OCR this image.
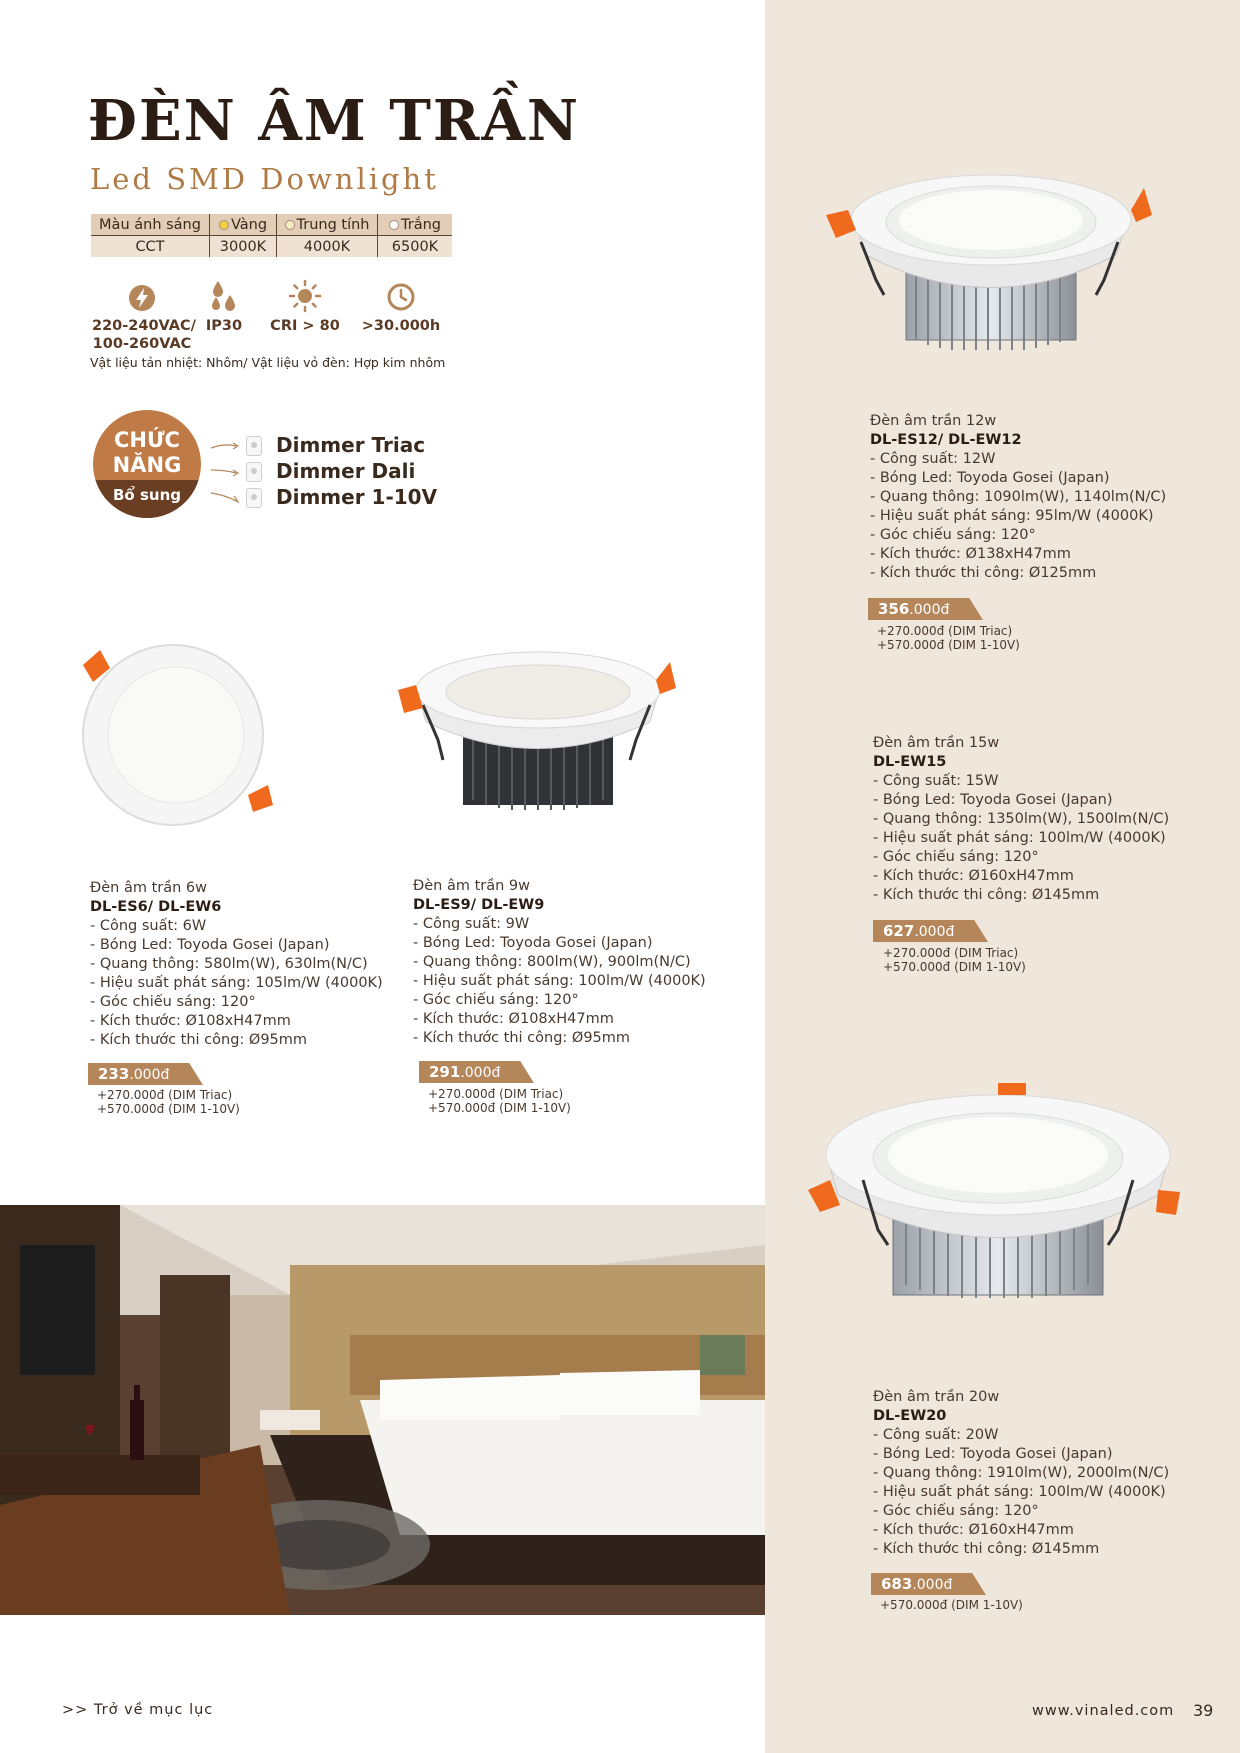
ĐÈN ÂM TRẦN
Led SMD Downlight
Màu ánh sáng	Vàng	Trung tính	Trắng
CCT	3000K	4000K	6500K
220-240VAC/
100-260VAC
IP30	CRI > 80 >30.000h
Vật liệu tản nhiệt: Nhôm/ Vật liệu vỏ đèn: Hợp kim nhôm
CHỨC
NĂNG
Bổ sung
Dimmer Triac
Dimmer Dali
Dimmer 1-10V
Đèn âm trần 12w
DL-ES12/ DL-EW12
- Công suất: 12W
- Bóng Led: Toyoda Gosei (Japan)
- Quang thông: 1090lm(W), 1140lm(N/C)
- Hiệu suất phát sáng: 95lm/W (4000K)
- Góc chiếu sáng: 120°
- Kích thước: Ø138xH47mm
- Kích thước thi công: Ø125mm
356.000đ
+270.000đ (DIM Triac)
+570.000đ (DIM 1-10V)
Đèn âm trần 15w
DL-EW15
- Công suất: 15W
- Bóng Led: Toyoda Gosei (Japan)
- Quang thông: 1350lm(W), 1500lm(N/C)
- Hiệu suất phát sáng: 100lm/W (4000K)
- Góc chiếu sáng: 120°
- Kích thước: Ø160xH47mm
- Kích thước thi công: Ø145mm
627.000đ
+270.000đ (DIM Triac)
+570.000đ (DIM 1-10V)
Đèn âm trần 6w
DL-ES6/ DL-EW6
- Công suất: 6W
- Bóng Led: Toyoda Gosei (Japan)
- Quang thông: 580lm(W), 630lm(N/C)
- Hiệu suất phát sáng: 105lm/W (4000K)
- Góc chiếu sáng: 120°
- Kích thước: Ø108xH47mm
- Kích thước thi công: Ø95mm
233.000đ
+270.000đ (DIM Triac)
+570.000đ (DIM 1-10V)
Đèn âm trần 9w
DL-ES9/ DL-EW9
- Công suất: 9W
- Bóng Led: Toyoda Gosei (Japan)
- Quang thông: 800lm(W), 900lm(N/C)
- Hiệu suất phát sáng: 100lm/W (4000K)
- Góc chiếu sáng: 120°
- Kích thước: Ø108xH47mm
- Kích thước thi công: Ø95mm
291.000đ
+270.000đ (DIM Triac)
+570.000đ (DIM 1-10V)
Đèn âm trần 20w
DL-EW20
- Công suất: 20W
- Bóng Led: Toyoda Gosei (Japan)
- Quang thông: 1910lm(W), 2000lm(N/C)
- Hiệu suất phát sáng: 100lm/W (4000K)
- Góc chiếu sáng: 120°
- Kích thước: Ø160xH47mm
- Kích thước thi công: Ø145mm
683.000đ
+570.000đ (DIM 1-10V)
>> Trở về mục lục	www.vinaled.com 39
